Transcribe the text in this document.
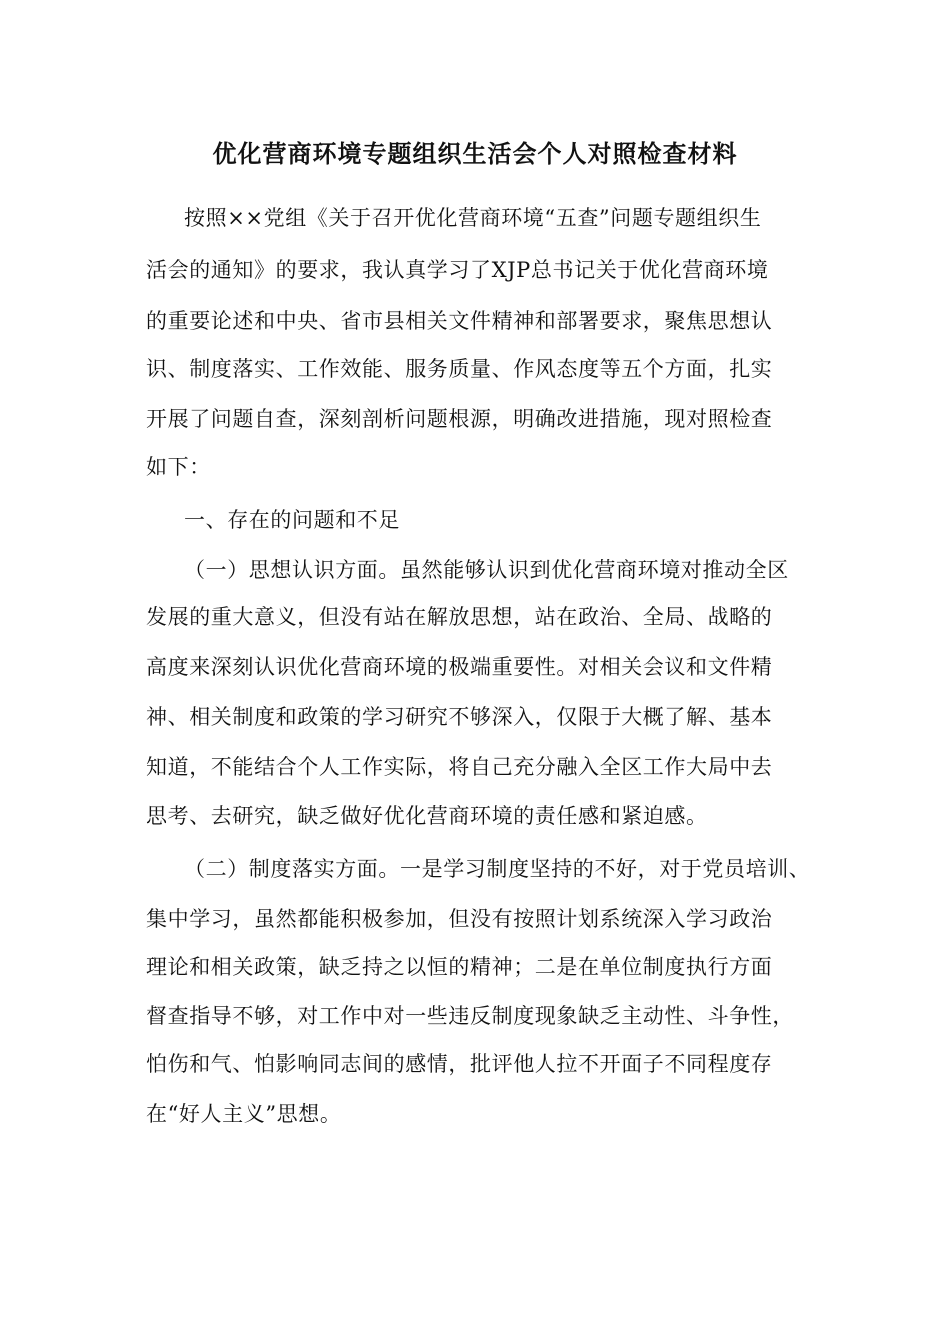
优化营商环境专题组织生活会个人对照检查材料
按照××党组《关于召开优化营商环境“五查”问题专题组织生
活会的通知》的要求，我认真学习了XJP总书记关于优化营商环境
的重要论述和中央、省市县相关文件精神和部署要求，聚焦思想认
识、制度落实、工作效能、服务质量、作风态度等五个方面，扎实
开展了问题自查，深刻剖析问题根源，明确改进措施，现对照检查
如下：
一、存在的问题和不足
（一）思想认识方面。虽然能够认识到优化营商环境对推动全区
发展的重大意义，但没有站在解放思想，站在政治、全局、战略的
高度来深刻认识优化营商环境的极端重要性。对相关会议和文件精
神、相关制度和政策的学习研究不够深入，仅限于大概了解、基本
知道，不能结合个人工作实际，将自己充分融入全区工作大局中去
思考、去研究，缺乏做好优化营商环境的责任感和紧迫感。
（二）制度落实方面。一是学习制度坚持的不好，对于党员培训、
集中学习，虽然都能积极参加，但没有按照计划系统深入学习政治
理论和相关政策，缺乏持之以恒的精神；二是在单位制度执行方面
督查指导不够，对工作中对一些违反制度现象缺乏主动性、斗争性，
怕伤和气、怕影响同志间的感情，批评他人拉不开面子不同程度存
在“好人主义”思想。
